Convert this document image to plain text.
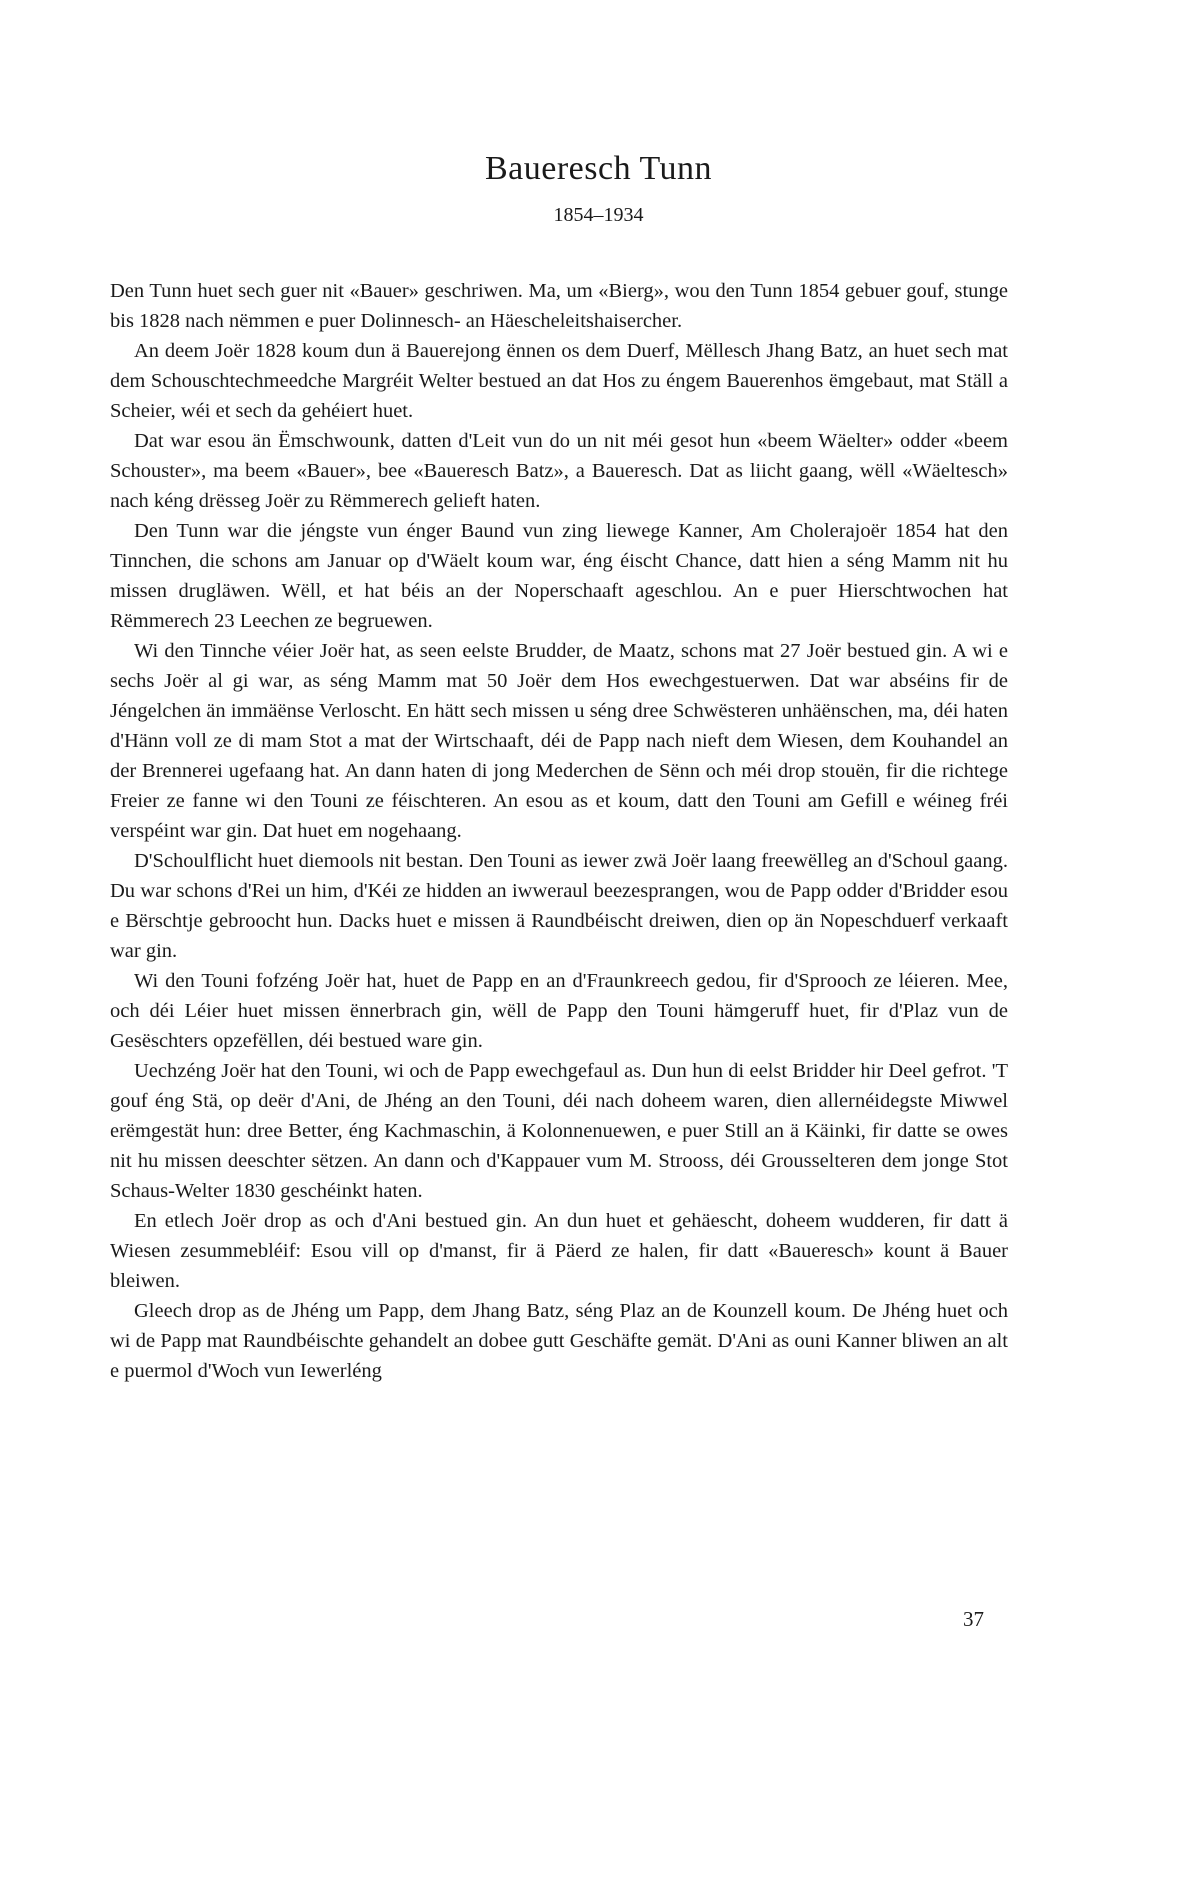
Baueresch Tunn
1854–1934

Den Tunn huet sech guer nit «Bauer» geschriwen. Ma, um «Bierg», wou den Tunn 1854 gebuer gouf, stunge bis 1828 nach nëmmen e puer Dolinnesch- an Häescheleitshaisercher.

An deem Joër 1828 koum dun ä Bauerejong ënnen os dem Duerf, Mëllesch Jhang Batz, an huet sech mat dem Schouschtechmeedche Margréit Welter bestued an dat Hos zu éngem Bauerenhos ëmgebaut, mat Ställ a Scheier, wéi et sech da gehéiert huet.

Dat war esou än Ëmschwounk, datten d'Leit vun do un nit méi gesot hun «beem Wäelter» odder «beem Schouster», ma beem «Bauer», bee «Baueresch Batz», a Baueresch. Dat as liicht gaang, wëll «Wäeltesch» nach kéng drësseg Joër zu Rëmmerech gelieft haten.

Den Tunn war die jéngste vun énger Baund vun zing liewege Kanner, Am Cholerajoër 1854 hat den Tinnchen, die schons am Januar op d'Wäelt koum war, éng éischt Chance, datt hien a séng Mamm nit hu missen drugläwen. Wëll, et hat béis an der Noperschaaft ageschlou. An e puer Hierschtwochen hat Rëmmerech 23 Leechen ze begruewen.

Wi den Tinnche véier Joër hat, as seen eelste Brudder, de Maatz, schons mat 27 Joër bestued gin. A wi e sechs Joër al gi war, as séng Mamm mat 50 Joër dem Hos ewechgestuerwen. Dat war abséins fir de Jéngelchen än immäënse Verloscht. En hätt sech missen u séng dree Schwësteren unhäënschen, ma, déi haten d'Hänn voll ze di mam Stot a mat der Wirtschaaft, déi de Papp nach nieft dem Wiesen, dem Kouhandel an der Brennerei ugefaang hat. An dann haten di jong Mederchen de Sënn och méi drop stouën, fir die richtege Freier ze fanne wi den Touni ze féischteren. An esou as et koum, datt den Touni am Gefill e wéineg fréi verspéint war gin. Dat huet em nogehaang.

D'Schoulflicht huet diemools nit bestan. Den Touni as iewer zwä Joër laang freewëlleg an d'Schoul gaang. Du war schons d'Rei un him, d'Kéi ze hidden an iwweraul beezesprangen, wou de Papp odder d'Bridder esou e Bërschtje gebroocht hun. Dacks huet e missen ä Raundbéischt dreiwen, dien op än Nopeschduerf verkaaft war gin.

Wi den Touni fofzéng Joër hat, huet de Papp en an d'Fraunkreech gedou, fir d'Sprooch ze léieren. Mee, och déi Léier huet missen ënnerbrach gin, wëll de Papp den Touni hämgeruff huet, fir d'Plaz vun de Gesëschters opzefëllen, déi bestued ware gin.

Uechzéng Joër hat den Touni, wi och de Papp ewechgefaul as. Dun hun di eelst Bridder hir Deel gefrot. 'T gouf éng Stä, op deër d'Ani, de Jhéng an den Touni, déi nach doheem waren, dien allernéidegste Miwwel erëmgestät hun: dree Better, éng Kachmaschin, ä Kolonnenuewen, e puer Still an ä Käinki, fir datte se owes nit hu missen deeschter sëtzen. An dann och d'Kappauer vum M. Strooss, déi Grousselteren dem jonge Stot Schaus-Welter 1830 geschéinkt haten.

En etlech Joër drop as och d'Ani bestued gin. An dun huet et gehäescht, doheem wudderen, fir datt ä Wiesen zesummebléif: Esou vill op d'manst, fir ä Päerd ze halen, fir datt «Baueresch» kount ä Bauer bleiwen.

Gleech drop as de Jhéng um Papp, dem Jhang Batz, séng Plaz an de Kounzell koum. De Jhéng huet och wi de Papp mat Raundbéischte gehandelt an dobee gutt Geschäfte gemät. D'Ani as ouni Kanner bliwen an alt e puermol d'Woch vun Iewerléng

37
